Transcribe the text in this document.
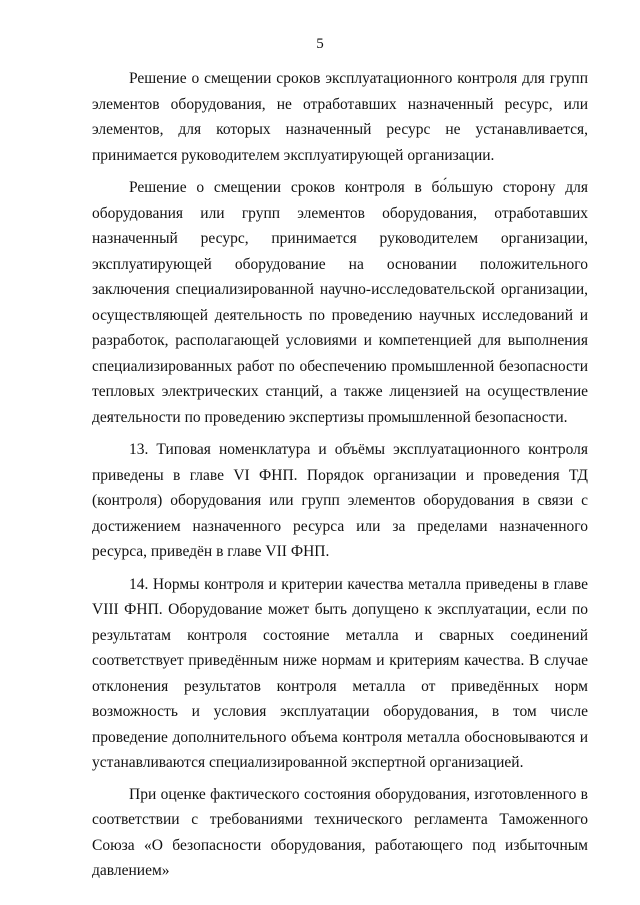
5

Решение о смещении сроков эксплуатационного контроля для групп элементов оборудования, не отработавших назначенный ресурс, или элементов, для которых назначенный ресурс не устанавливается, принимается руководителем эксплуатирующей организации.

Решение о смещении сроков контроля в бо́льшую сторону для оборудования или групп элементов оборудования, отработавших назначенный ресурс, принимается руководителем организации, эксплуатирующей оборудование на основании положительного заключения специализированной научно-исследовательской организации, осуществляющей деятельность по проведению научных исследований и разработок, располагающей условиями и компетенцией для выполнения специализированных работ по обеспечению промышленной безопасности тепловых электрических станций, а также лицензией на осуществление деятельности по проведению экспертизы промышленной безопасности.

13. Типовая номенклатура и объёмы эксплуатационного контроля приведены в главе VI ФНП. Порядок организации и проведения ТД (контроля) оборудования или групп элементов оборудования в связи с достижением назначенного ресурса или за пределами назначенного ресурса, приведён в главе VII ФНП.

14. Нормы контроля и критерии качества металла приведены в главе VIII ФНП. Оборудование может быть допущено к эксплуатации, если по результатам контроля состояние металла и сварных соединений соответствует приведённым ниже нормам и критериям качества. В случае отклонения результатов контроля металла от приведённых норм возможность и условия эксплуатации оборудования, в том числе проведение дополнительного объема контроля металла обосновываются и устанавливаются специализированной экспертной организацией.

При оценке фактического состояния оборудования, изготовленного в соответствии с требованиями технического регламента Таможенного Союза «О безопасности оборудования, работающего под избыточным давлением»
